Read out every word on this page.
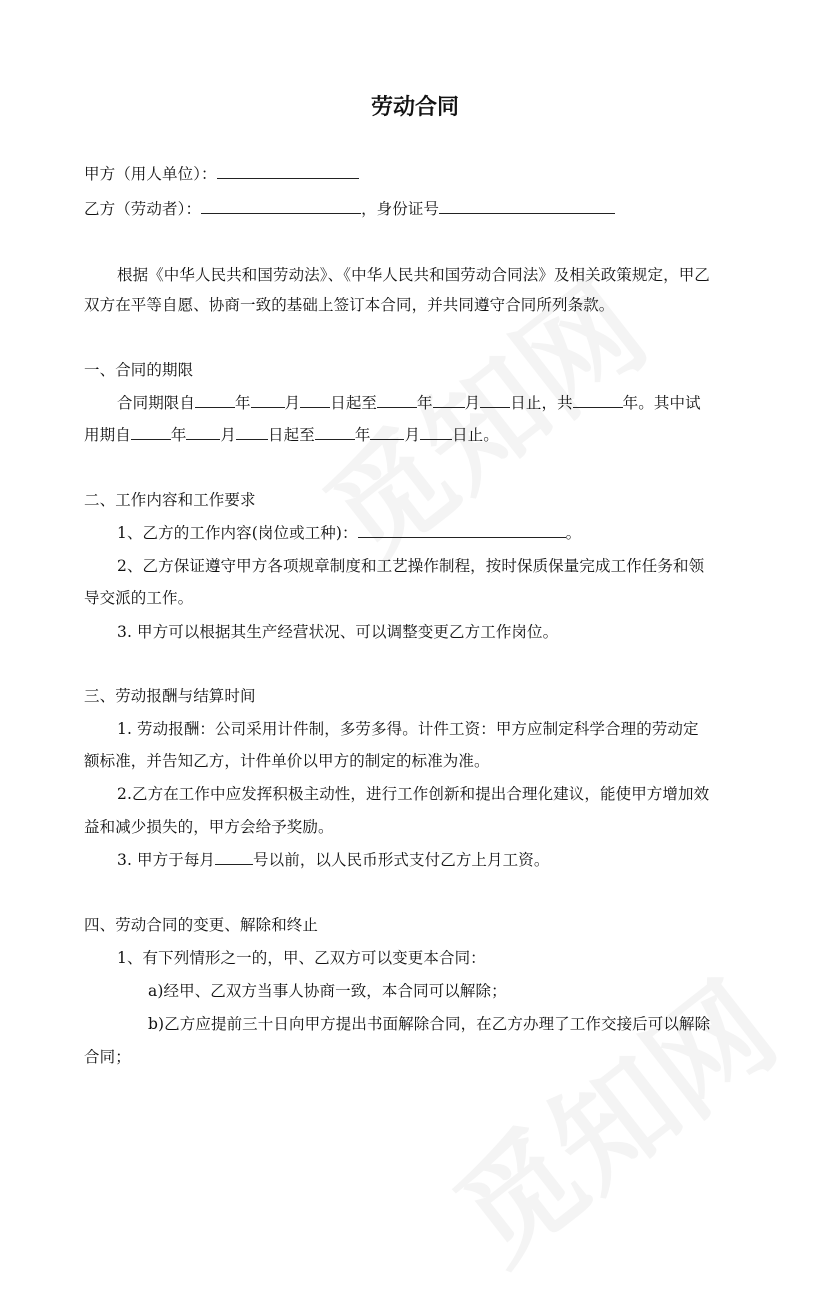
劳动合同
甲方（用人单位）：
乙方（劳动者）：	，身份证号
根据《中华人民共和国劳动法》、《中华人民共和国劳动合同法》及相关政策规定，甲乙
双方在平等自愿、协商一致的基础上签订本合同，并共同遵守合同所列条款。
一、合同的期限
合同期限自	年 月 日起至	年 月 日止，共	年。其中试
用期自	年 月 日起至	年 月 日止。
二、工作内容和工作要求
1、乙方的工作内容(岗位或工种)：	。
2、乙方保证遵守甲方各项规章制度和工艺操作制程，按时保质保量完成工作任务和领
导交派的工作。
3. 甲方可以根据其生产经营状况、可以调整变更乙方工作岗位。
三、劳动报酬与结算时间
1. 劳动报酬：公司采用计件制，多劳多得。计件工资：甲方应制定科学合理的劳动定
额标准，并告知乙方，计件单价以甲方的制定的标准为准。
2.乙方在工作中应发挥积极主动性，进行工作创新和提出合理化建议，能使甲方增加效
益和减少损失的，甲方会给予奖励。
3. 甲方于每月 号以前，以人民币形式支付乙方上月工资。
四、劳动合同的变更、解除和终止
1、有下列情形之一的，甲、乙双方可以变更本合同：
a)经甲、乙双方当事人协商一致，本合同可以解除；
b)乙方应提前三十日向甲方提出书面解除合同，在乙方办理了工作交接后可以解除
合同；
